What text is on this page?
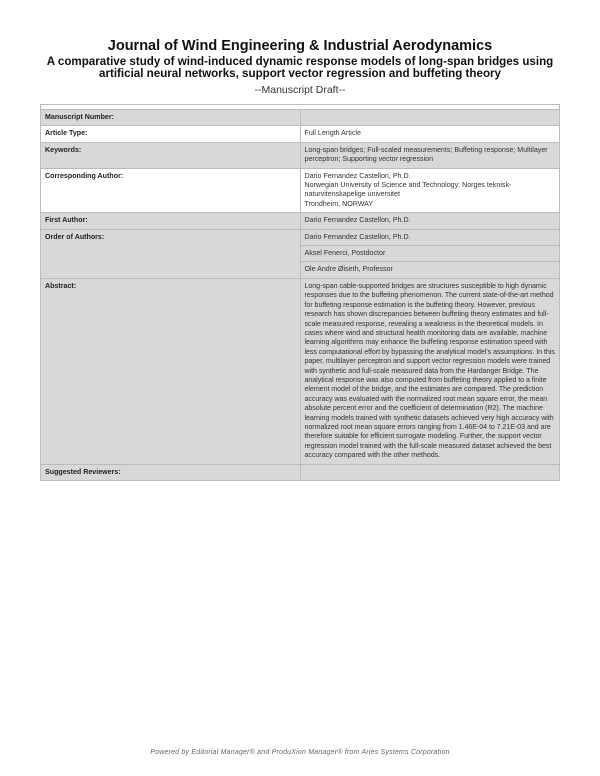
Journal of Wind Engineering & Industrial Aerodynamics
A comparative study of wind-induced dynamic response models of long-span bridges using artificial neural networks, support vector regression and buffeting theory
--Manuscript Draft--

Manuscript Number:	
Article Type:	Full Length Article
Keywords:	Long-span bridges; Full-scaled measurements; Buffeting response; Multilayer perceptron; Supporting vector regression
Corresponding Author:	Dario Fernandez Castellon, Ph.D.
Norwegian University of Science and Technology: Norges teknisk-naturvitenskapelige universitet
Trondheim, NORWAY

First Author:	Dario Fernandez Castellon, Ph.D.
Order of Authors:	Dario Fernandez Castellon, Ph.D.
	Aksel Fenerci, Postdoctor
	Ole Andre Øiseth, Professor
Abstract:	Long-span cable-supported bridges are structures susceptible to high dynamic responses due to the buffeting phenomenon. The current state-of-the-art method for buffeting response estimation is the buffeting theory. However, previous research has shown discrepancies between buffeting theory estimates and full-scale measured response, revealing a weakness in the theoretical models. In cases where wind and structural health monitoring data are available, machine learning algorithms may enhance the buffeting response estimation speed with less computational effort by bypassing the analytical model's assumptions. In this paper, multilayer perceptron and support vector regression models were trained with synthetic and full-scale measured data from the Hardanger Bridge. The analytical response was also computed from buffeting theory applied to a finite element model of the bridge, and the estimates are compared. The prediction accuracy was evaluated with the normalized root mean square error, the mean absolute percent error and the coefficient of determination (R2). The machine learning models trained with synthetic datasets achieved very high accuracy with normalized root mean square errors ranging from 1.46E-04 to 7.21E-03 and are therefore suitable for efficient surrogate modeling. Further, the support vector regression model trained with the full-scale measured dataset achieved the best accuracy compared with the other methods.
Suggested Reviewers:	
Powered by Editorial Manager® and ProduXion Manager® from Aries Systems Corporation
